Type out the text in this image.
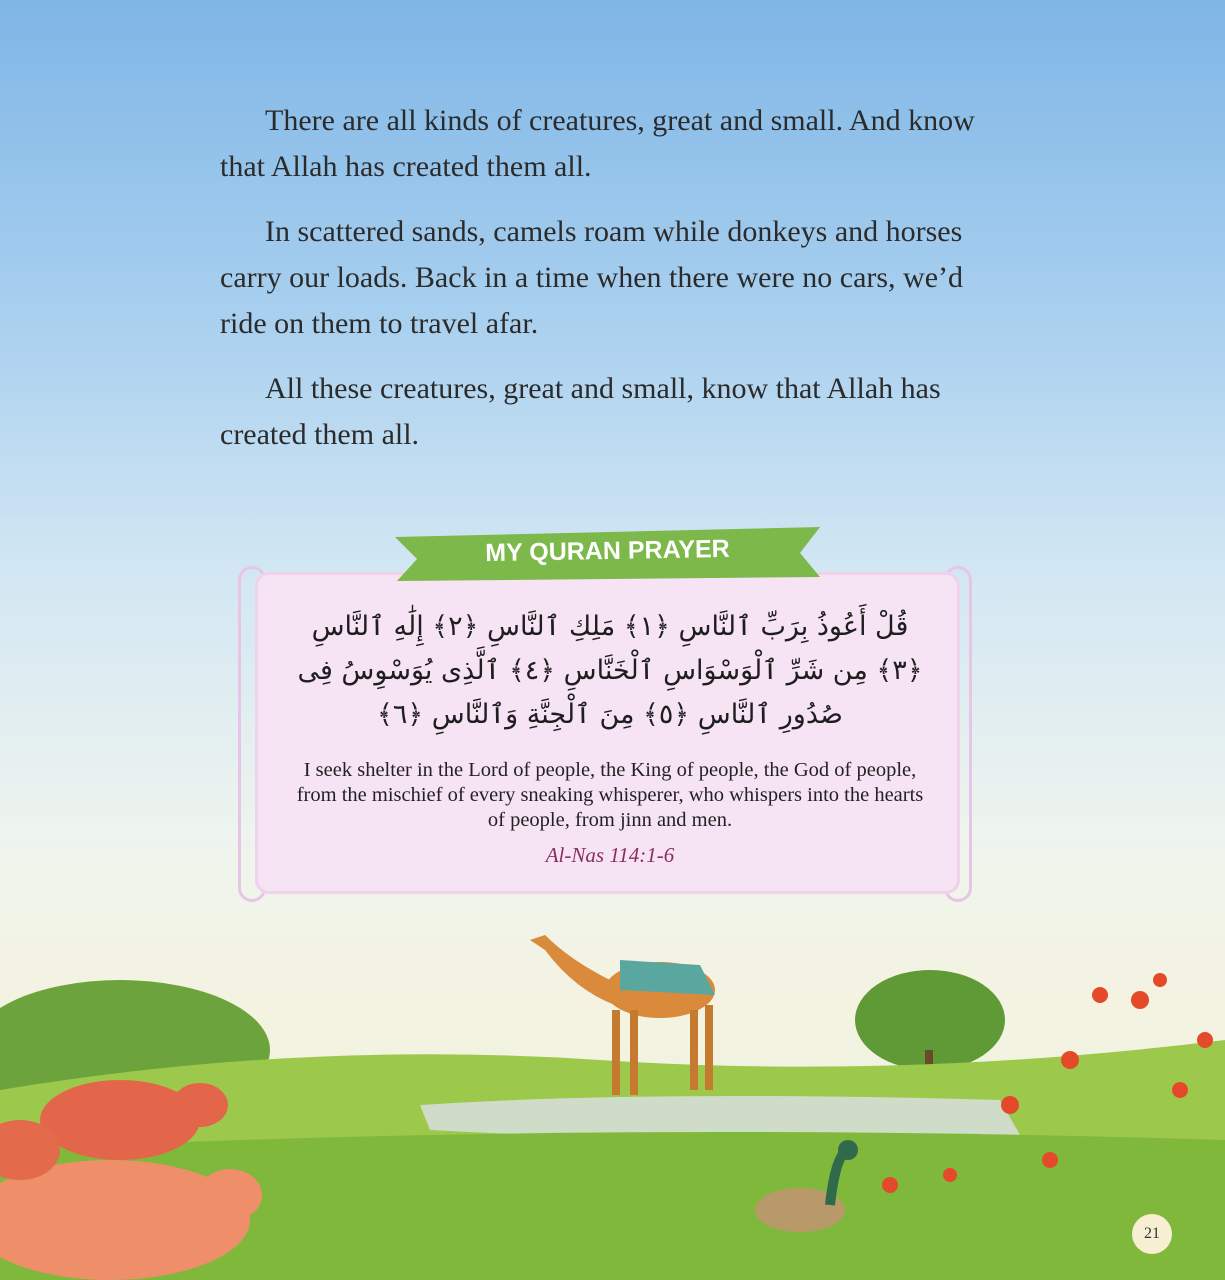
There are all kinds of creatures, great and small. And know that Allah has created them all.

In scattered sands, camels roam while donkeys and horses carry our loads. Back in a time when there were no cars, we’d ride on them to travel afar.

All these creatures, great and small, know that Allah has created them all.

MY QURAN PRAYER
قُلْ أَعُوذُ بِرَبِّ ٱلنَّاسِ ﴿١﴾ مَلِكِ ٱلنَّاسِ ﴿٢﴾ إِلَٰهِ ٱلنَّاسِ
﴿٣﴾ مِن شَرِّ ٱلْوَسْوَاسِ ٱلْخَنَّاسِ ﴿٤﴾ ٱلَّذِى يُوَسْوِسُ فِى
صُدُورِ ٱلنَّاسِ ﴿٥﴾ مِنَ ٱلْجِنَّةِ وَٱلنَّاسِ ﴿٦﴾
I seek shelter in the Lord of people, the King of people, the God of people, from the mischief of every sneaking whisperer, who whispers into the hearts of people, from jinn and men.
Al-Nas 114:1-6
21
